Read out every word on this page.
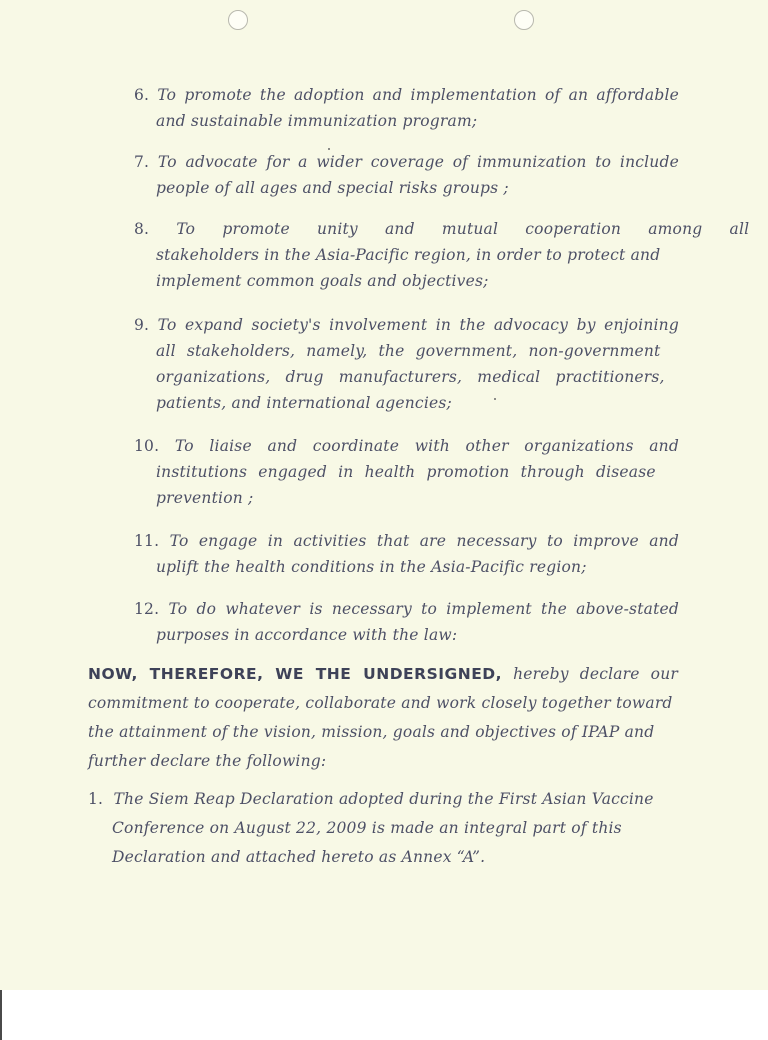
6. To promote the adoption and implementation of an affordable
and sustainable immunization program;
7. To advocate for a wider coverage of immunization to include
people of all ages and special risks groups ;
8. To promote unity and mutual cooperation among all
stakeholders in the Asia-Pacific region, in order to protect and
implement common goals and objectives;
9. To expand society's involvement in the advocacy by enjoining
all stakeholders, namely, the government, non-government
organizations, drug manufacturers, medical practitioners,
patients, and international agencies;
10. To liaise and coordinate with other organizations and
institutions engaged in health promotion through disease
prevention ;
11. To engage in activities that are necessary to improve and
uplift the health conditions in the Asia-Pacific region;
12. To do whatever is necessary to implement the above-stated
purposes in accordance with the law:
NOW, THEREFORE, WE THE UNDERSIGNED, hereby declare our
commitment to cooperate, collaborate and work closely together toward
the attainment of the vision, mission, goals and objectives of IPAP and
further declare the following:
1. The Siem Reap Declaration adopted during the First Asian Vaccine
Conference on August 22, 2009 is made an integral part of this
Declaration and attached hereto as Annex “A”.
